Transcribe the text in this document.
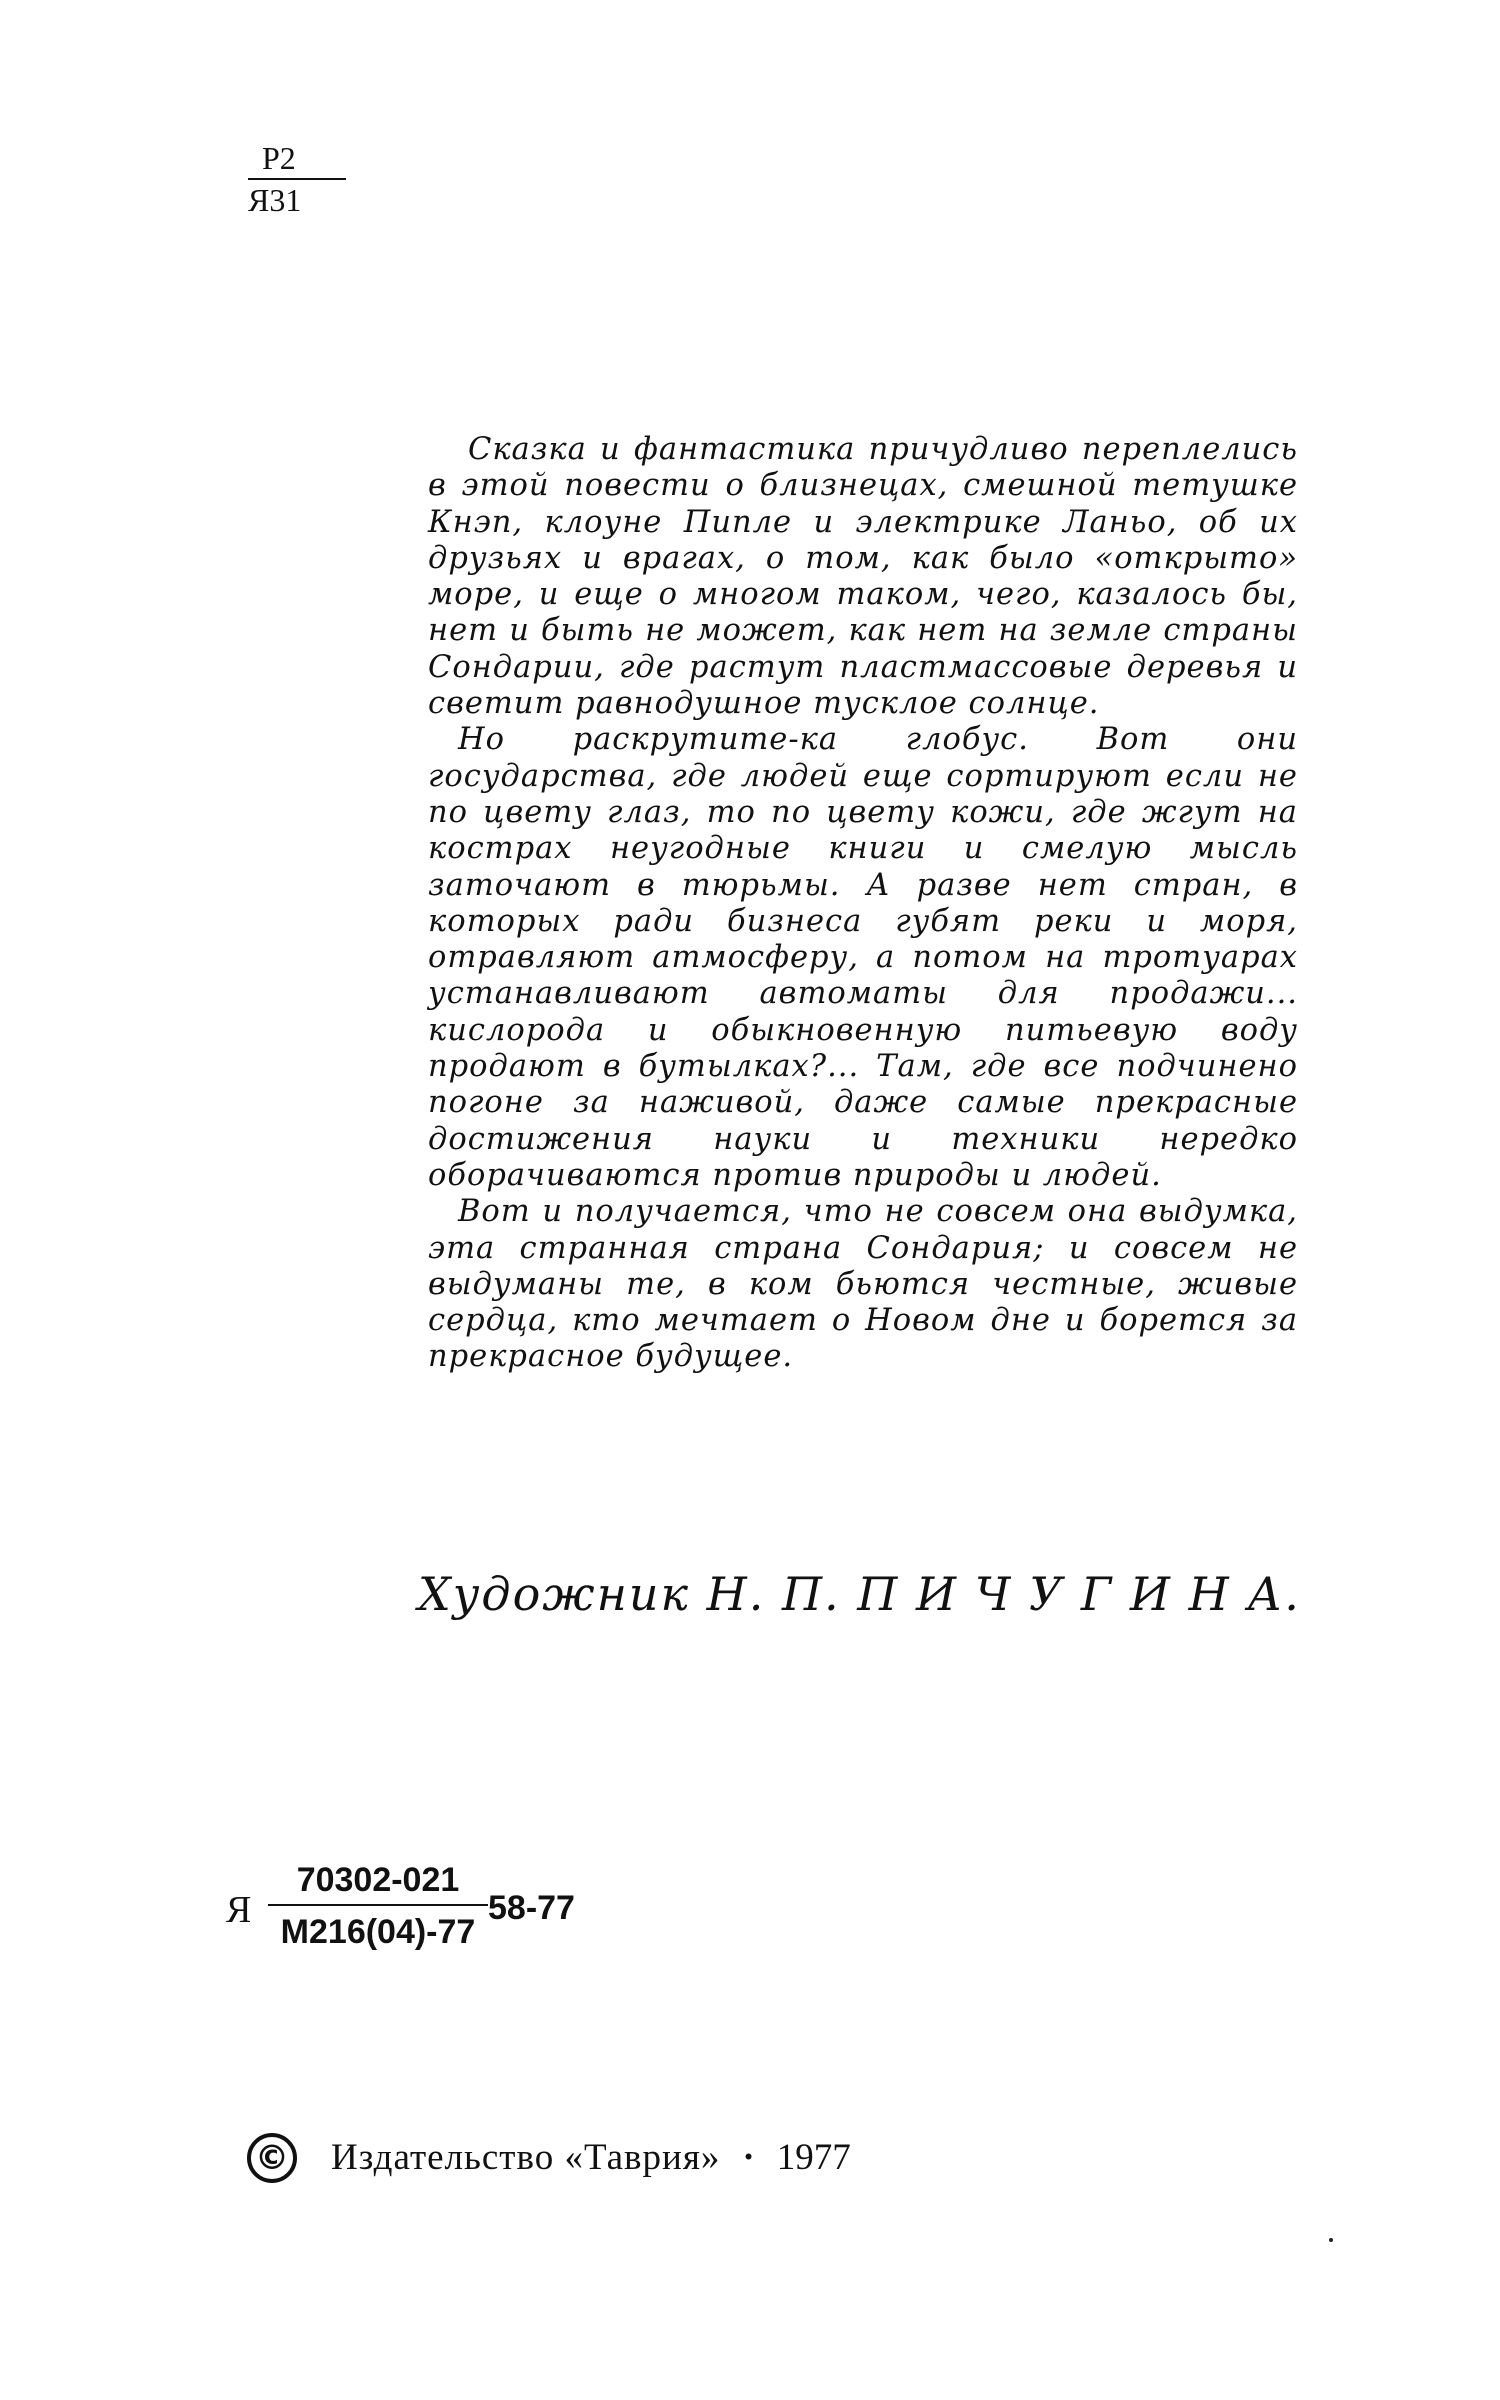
Р2
Я31

Сказка и фантастика причудливо переплелись в этой повести о близнецах, смешной тетушке Кнэп, клоуне Пипле и электрике Ланьо, об их друзьях и врагах, о том, как было «открыто» море, и еще о многом таком, чего, казалось бы, нет и быть не может, как нет на земле страны Сондарии, где растут пластмассовые деревья и светит равнодушное тусклое солнце.

Но раскрутите-ка глобус. Вот они государства, где людей еще сортируют если не по цвету глаз, то по цвету кожи, где жгут на кострах неугодные книги и смелую мысль заточают в тюрьмы. А разве нет стран, в которых ради бизнеса губят реки и моря, отравляют атмосферу, а потом на тротуарах устанавливают автоматы для продажи... кислорода и обыкновенную питьевую воду продают в бутылках?... Там, где все подчинено погоне за наживой, даже самые прекрасные достижения науки и техники нередко оборачиваются против природы и людей.

Вот и получается, что не совсем она выдумка, эта странная страна Сондария; и совсем не выдуманы те, в ком бьются честные, живые сердца, кто мечтает о Новом дне и борется за прекрасное будущее.

Художник Н. П. П И Ч У Г И Н А.
Я
70302-021
М216(04)-77
58-77
© Издательство «Таврия» · 1977
